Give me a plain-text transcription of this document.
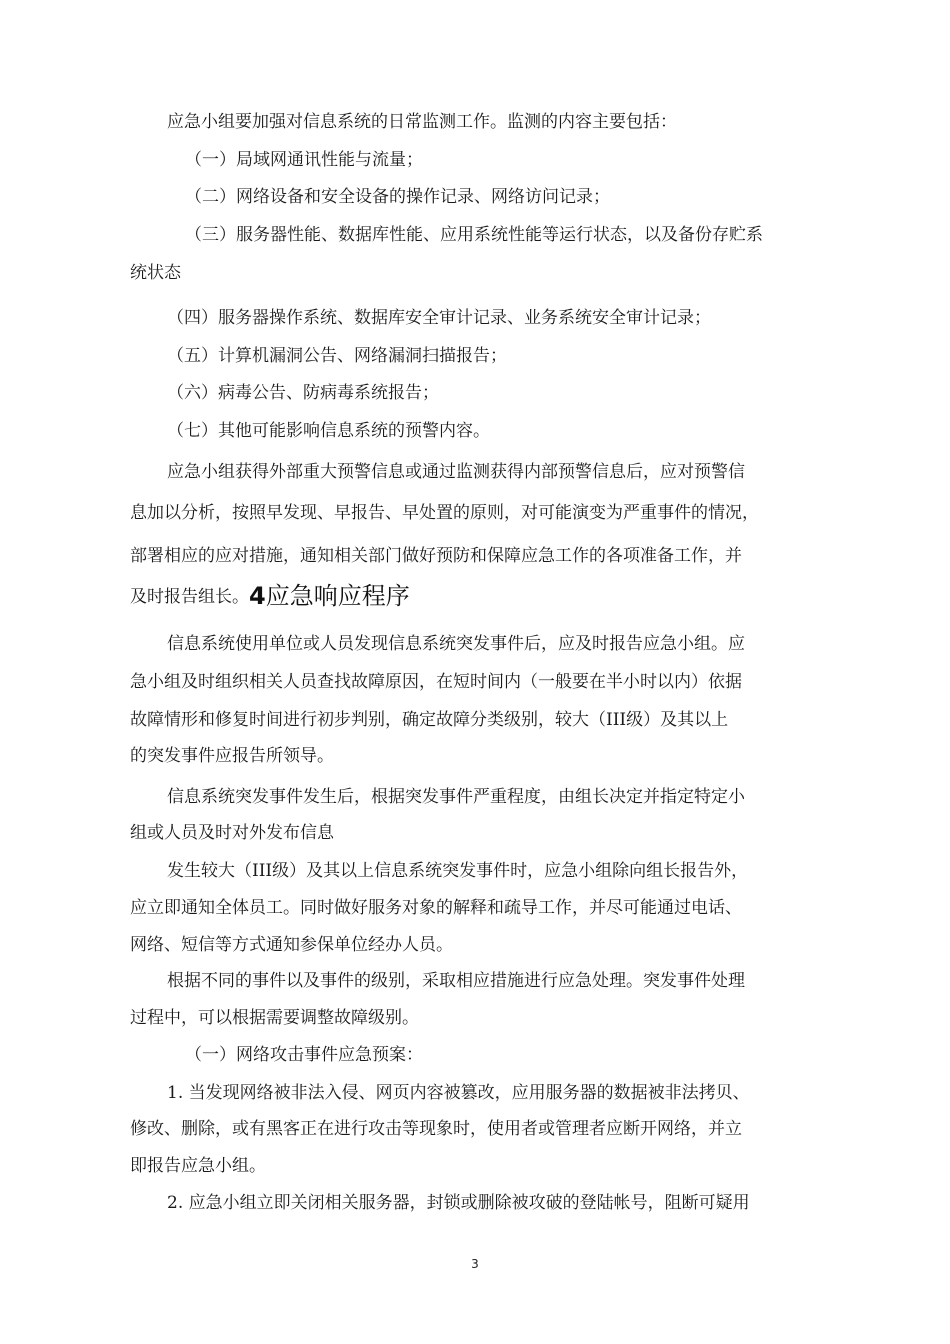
应急小组要加强对信息系统的日常监测工作。监测的内容主要包括：
（一）局域网通讯性能与流量；
（二）网络设备和安全设备的操作记录、网络访问记录；
（三）服务器性能、数据库性能、应用系统性能等运行状态，以及备份存贮系
统状态
（四）服务器操作系统、数据库安全审计记录、业务系统安全审计记录；
（五）计算机漏洞公告、网络漏洞扫描报告；
（六）病毒公告、防病毒系统报告；
（七）其他可能影响信息系统的预警内容。
应急小组获得外部重大预警信息或通过监测获得内部预警信息后，应对预警信
息加以分析，按照早发现、早报告、早处置的原则，对可能演变为严重事件的情况，
部署相应的应对措施，通知相关部门做好预防和保障应急工作的各项准备工作，并
及时报告组长。4应急响应程序
信息系统使用单位或人员发现信息系统突发事件后，应及时报告应急小组。应
急小组及时组织相关人员查找故障原因，在短时间内（一般要在半小时以内）依据
故障情形和修复时间进行初步判别，确定故障分类级别，较大（III级）及其以上
的突发事件应报告所领导。
信息系统突发事件发生后，根据突发事件严重程度，由组长决定并指定特定小
组或人员及时对外发布信息
发生较大（III级）及其以上信息系统突发事件时，应急小组除向组长报告外，
应立即通知全体员工。同时做好服务对象的解释和疏导工作，并尽可能通过电话、
网络、短信等方式通知参保单位经办人员。
根据不同的事件以及事件的级别，采取相应措施进行应急处理。突发事件处理
过程中，可以根据需要调整故障级别。
（一）网络攻击事件应急预案：
1. 当发现网络被非法入侵、网页内容被篡改，应用服务器的数据被非法拷贝、
修改、删除，或有黑客正在进行攻击等现象时，使用者或管理者应断开网络，并立
即报告应急小组。
2. 应急小组立即关闭相关服务器，封锁或删除被攻破的登陆帐号，阻断可疑用
3
